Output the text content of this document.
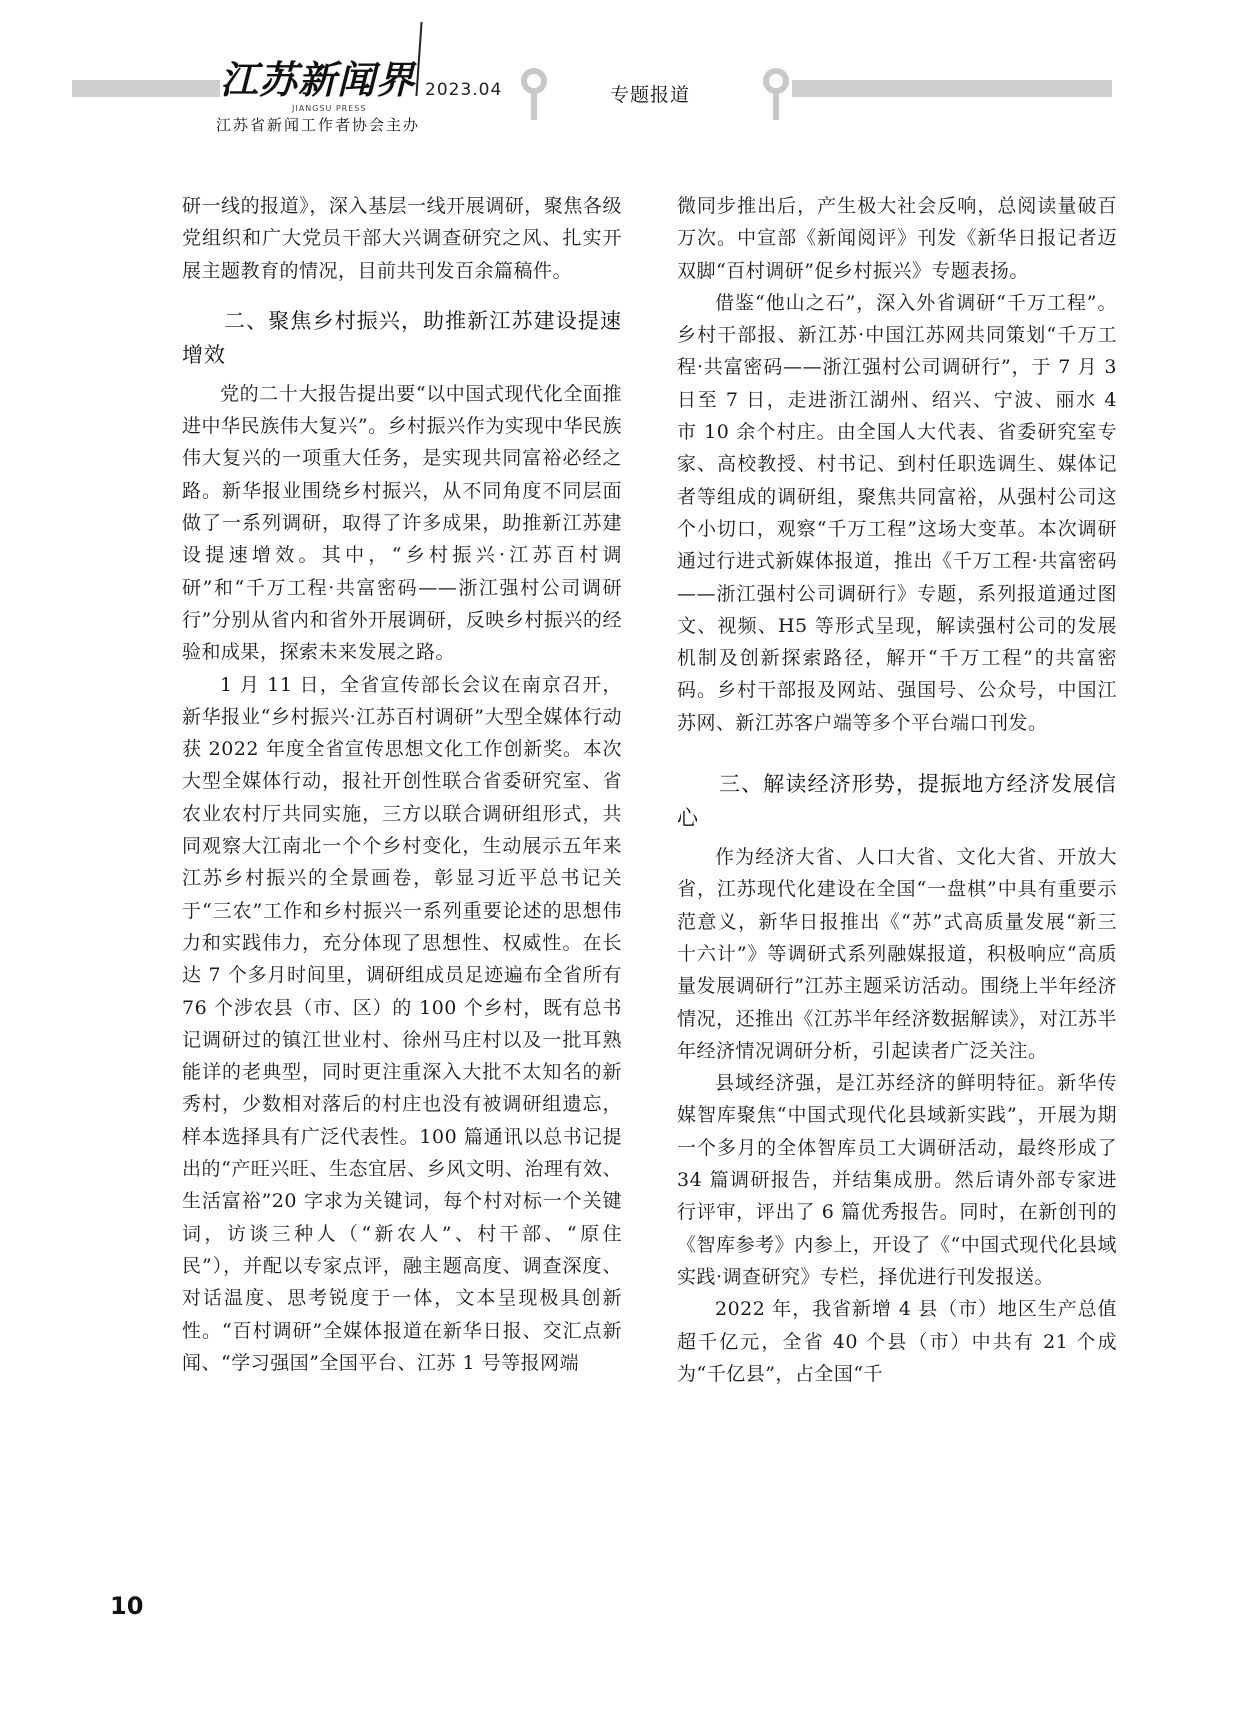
江苏新闻界
JIANGSU PRESS
2023.04
江苏省新闻工作者协会主办
专题报道

研一线的报道》，深入基层一线开展调研，聚焦各级党组织和广大党员干部大兴调查研究之风、扎实开展主题教育的情况，目前共刊发百余篇稿件。

二、聚焦乡村振兴，助推新江苏建设提速增效

党的二十大报告提出要“以中国式现代化全面推进中华民族伟大复兴”。乡村振兴作为实现中华民族伟大复兴的一项重大任务，是实现共同富裕必经之路。新华报业围绕乡村振兴，从不同角度不同层面做了一系列调研，取得了许多成果，助推新江苏建设提速增效。其中，“乡村振兴·江苏百村调研”和“千万工程·共富密码——浙江强村公司调研行”分别从省内和省外开展调研，反映乡村振兴的经验和成果，探索未来发展之路。

1 月 11 日，全省宣传部长会议在南京召开，新华报业“乡村振兴·江苏百村调研”大型全媒体行动获 2022 年度全省宣传思想文化工作创新奖。本次大型全媒体行动，报社开创性联合省委研究室、省农业农村厅共同实施，三方以联合调研组形式，共同观察大江南北一个个乡村变化，生动展示五年来江苏乡村振兴的全景画卷，彰显习近平总书记关于“三农”工作和乡村振兴一系列重要论述的思想伟力和实践伟力，充分体现了思想性、权威性。在长达 7 个多月时间里，调研组成员足迹遍布全省所有 76 个涉农县（市、区）的 100 个乡村，既有总书记调研过的镇江世业村、徐州马庄村以及一批耳熟能详的老典型，同时更注重深入大批不太知名的新秀村，少数相对落后的村庄也没有被调研组遗忘，样本选择具有广泛代表性。100 篇通讯以总书记提出的“产旺兴旺、生态宜居、乡风文明、治理有效、生活富裕”20 字求为关键词，每个村对标一个关键词，访谈三种人（“新农人”、村干部、“原住民”），并配以专家点评，融主题高度、调查深度、对话温度、思考锐度于一体，文本呈现极具创新性。“百村调研”全媒体报道在新华日报、交汇点新闻、“学习强国”全国平台、江苏 1 号等报网端

微同步推出后，产生极大社会反响，总阅读量破百万次。中宣部《新闻阅评》刊发《新华日报记者迈双脚“百村调研”促乡村振兴》专题表扬。

借鉴“他山之石”，深入外省调研“千万工程”。乡村干部报、新江苏·中国江苏网共同策划“千万工程·共富密码——浙江强村公司调研行”，于 7 月 3 日至 7 日，走进浙江湖州、绍兴、宁波、丽水 4 市 10 余个村庄。由全国人大代表、省委研究室专家、高校教授、村书记、到村任职选调生、媒体记者等组成的调研组，聚焦共同富裕，从强村公司这个小切口，观察“千万工程”这场大变革。本次调研通过行进式新媒体报道，推出《千万工程·共富密码——浙江强村公司调研行》专题，系列报道通过图文、视频、H5 等形式呈现，解读强村公司的发展机制及创新探索路径，解开“千万工程”的共富密码。乡村干部报及网站、强国号、公众号，中国江苏网、新江苏客户端等多个平台端口刊发。

三、解读经济形势，提振地方经济发展信心

作为经济大省、人口大省、文化大省、开放大省，江苏现代化建设在全国“一盘棋”中具有重要示范意义，新华日报推出《“苏”式高质量发展“新三十六计”》等调研式系列融媒报道，积极响应“高质量发展调研行”江苏主题采访活动。围绕上半年经济情况，还推出《江苏半年经济数据解读》，对江苏半年经济情况调研分析，引起读者广泛关注。

县域经济强，是江苏经济的鲜明特征。新华传媒智库聚焦“中国式现代化县域新实践”，开展为期一个多月的全体智库员工大调研活动，最终形成了 34 篇调研报告，并结集成册。然后请外部专家进行评审，评出了 6 篇优秀报告。同时，在新创刊的《智库参考》内参上，开设了《“中国式现代化县域实践·调查研究》专栏，择优进行刊发报送。

2022 年，我省新增 4 县（市）地区生产总值超千亿元，全省 40 个县（市）中共有 21 个成为“千亿县”，占全国“千

10
